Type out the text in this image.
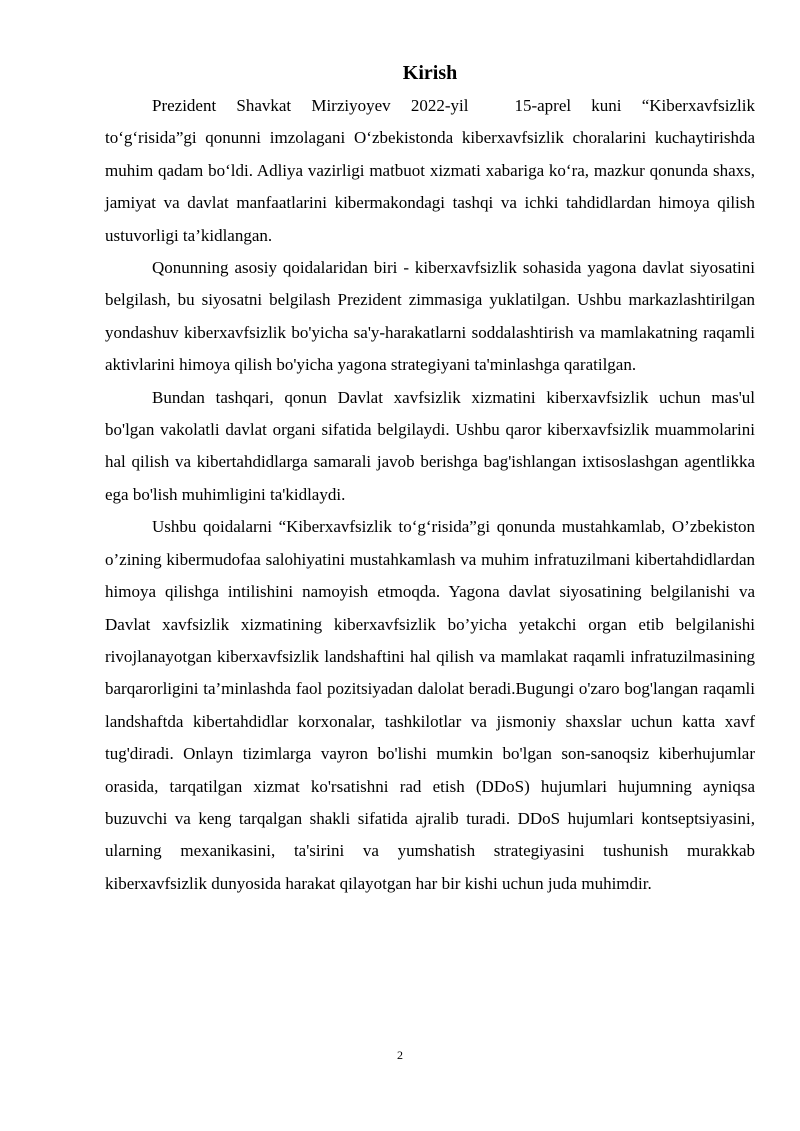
Kirish

Prezident Shavkat Mirziyoyev 2022-yil	15-aprel kuni “Kiberxavfsizlik to‘g‘risida”gi qonunni imzolagani O‘zbekistonda kiberxavfsizlik choralarini kuchaytirishda muhim qadam bo‘ldi. Adliya vazirligi matbuot xizmati xabariga ko‘ra, mazkur qonunda shaxs, jamiyat va davlat manfaatlarini kibermakondagi tashqi va ichki tahdidlardan himoya qilish ustuvorligi ta’kidlangan.

Qonunning asosiy qoidalaridan biri - kiberxavfsizlik sohasida yagona davlat siyosatini belgilash, bu siyosatni belgilash Prezident zimmasiga yuklatilgan. Ushbu markazlashtirilgan yondashuv kiberxavfsizlik bo'yicha sa'y-harakatlarni soddalashtirish va mamlakatning raqamli aktivlarini himoya qilish bo'yicha yagona strategiyani ta'minlashga qaratilgan.

Bundan tashqari, qonun Davlat xavfsizlik xizmatini kiberxavfsizlik uchun mas'ul bo'lgan vakolatli davlat organi sifatida belgilaydi. Ushbu qaror kiberxavfsizlik muammolarini hal qilish va kibertahdidlarga samarali javob berishga bag'ishlangan ixtisoslashgan agentlikka ega bo'lish muhimligini ta'kidlaydi.

Ushbu qoidalarni “Kiberxavfsizlik to‘g‘risida”gi qonunda mustahkamlab, O’zbekiston o’zining kibermudofaa salohiyatini mustahkamlash va muhim infratuzilmani kibertahdidlardan himoya qilishga intilishini namoyish etmoqda. Yagona davlat siyosatining belgilanishi va Davlat xavfsizlik xizmatining kiberxavfsizlik bo’yicha yetakchi organ etib belgilanishi rivojlanayotgan kiberxavfsizlik landshaftini hal qilish va mamlakat raqamli infratuzilmasining barqarorligini ta’minlashda faol pozitsiyadan dalolat beradi.Bugungi o'zaro bog'langan raqamli landshaftda kibertahdidlar korxonalar, tashkilotlar va jismoniy shaxslar uchun katta xavf tug'diradi. Onlayn tizimlarga vayron bo'lishi mumkin bo'lgan son-sanoqsiz kiberhujumlar orasida, tarqatilgan xizmat ko'rsatishni rad etish (DDoS) hujumlari hujumning ayniqsa buzuvchi va keng tarqalgan shakli sifatida ajralib turadi. DDoS hujumlari kontseptsiyasini, ularning mexanikasini, ta'sirini va yumshatish strategiyasini tushunish murakkab kiberxavfsizlik dunyosida harakat qilayotgan har bir kishi uchun juda muhimdir.

2
